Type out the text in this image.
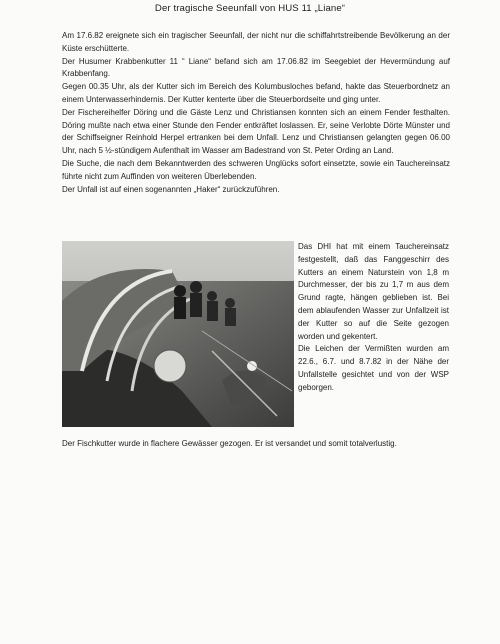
Der tragische Seeunfall von HUS 11 „Liane“

Am 17.6.82 ereignete sich ein tragischer Seeunfall, der nicht nur die schiffahrtstreibende Bevölkerung an der Küste erschütterte.

Der Husumer Krabbenkutter 11 “ Liane“ befand sich am 17.06.82 im Seegebiet der Hevermündung auf Krabbenfang.

Gegen 00.35 Uhr, als der Kutter sich im Bereich des Kolumbusloches befand, hakte das Steuerbordnetz an einem Unterwasserhindernis. Der Kutter kenterte über die Steuerbordseite und ging unter.

Der Fischereihelfer Döring und die Gäste Lenz und Christiansen konnten sich an einem Fender festhalten. Döring mußte nach etwa einer Stunde den Fender entkräftet loslassen. Er, seine Verlobte Dörte Münster und der Schiffseigner Reinhold Herpel ertranken bei dem Unfall. Lenz und Christiansen gelangten gegen 06.00 Uhr, nach 5 ½-stündigem Aufenthalt im Wasser am Badestrand von St. Peter Ording an Land.

Die Suche, die nach dem Bekanntwerden des schweren Unglücks sofort einsetzte, sowie ein Tauchereinsatz führte nicht zum Auffinden von weiteren Überlebenden.

Der Unfall ist auf einen sogenannten „Haker“ zurückzuführen.

Das DHI hat mit einem Tauchereinsatz festgestellt, daß das Fanggeschirr des Kutters an einem Naturstein von 1,8 m Durchmesser, der bis zu 1,7 m aus dem Grund ragte, hängen geblieben ist. Bei dem ablaufenden Wasser zur Unfallzeit ist der Kutter so auf die Seite gezogen worden und gekentert.

Die Leichen der Vermißten wurden am 22.6., 6.7. und 8.7.82 in der Nähe der Unfallstelle gesichtet und von der WSP geborgen.

Der Fischkutter wurde in flachere Gewässer gezogen. Er ist versandet und somit totalverlustig.
